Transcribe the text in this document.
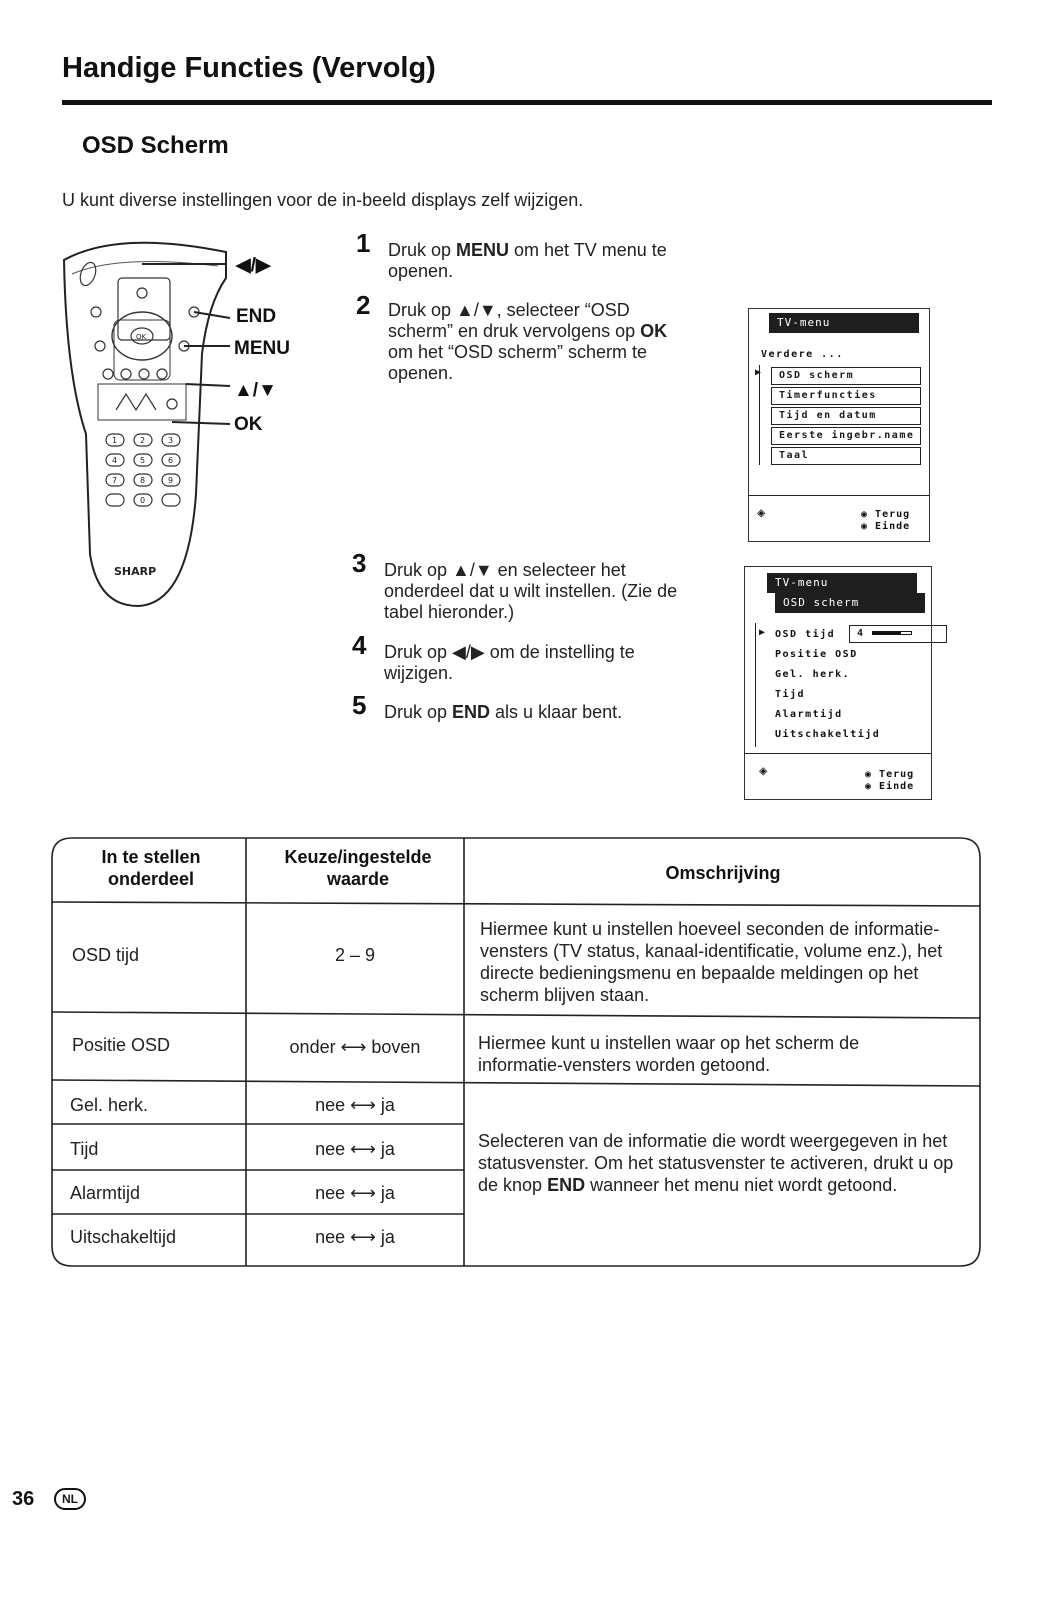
Handige Functies (Vervolg)
OSD Scherm
U kunt diverse instellingen voor de in-beeld displays zelf wijzigen.
OK
1	2	3
4	5	6
7	8	9
0
SHARP
◀/▶
END
MENU
▲/▼
OK
1 Druk op MENU om het TV menu te openen.
2 Druk op ▲/▼, selecteer “OSD scherm” en druk vervolgens op OK om het “OSD scherm” scherm te openen.
3 Druk op ▲/▼ en selecteer het onderdeel dat u wilt instellen. (Zie de tabel hieronder.)
4 Druk op ◀/▶ om de instelling te wijzigen.
5 Druk op END als u klaar bent.
TV-menu
Verdere ...
▶	OSD scherm
Timerfuncties
Tijd en datum
Eerste ingebr.name
Taal
◈	◉ Terug
◉ Einde
TV-menu
OSD scherm
▶ OSD tijd	4
Positie OSD
Gel. herk.
Tijd
Alarmtijd
Uitschakeltijd
◈	◉ Terug
◉ Einde
In te stellen onderdeel
Keuze/ingestelde waarde	Omschrijving
OSD tijd	2 – 9
Hiermee kunt u instellen hoeveel seconden de informatie-vensters (TV status, kanaal-identificatie, volume enz.), het directe bedieningsmenu en bepaalde meldingen op het scherm blijven staan.
Positie OSD	onder ⟷ boven	Hiermee kunt u instellen waar op het scherm de informatie-vensters worden getoond.
Gel. herk.	nee ⟷ ja
Tijd	nee ⟷ ja
Alarmtijd	nee ⟷ ja
Uitschakeltijd	nee ⟷ ja
Selecteren van de informatie die wordt weergegeven in het statusvenster. Om het statusvenster te activeren, drukt u op de knop END wanneer het menu niet wordt getoond.
36	NL
